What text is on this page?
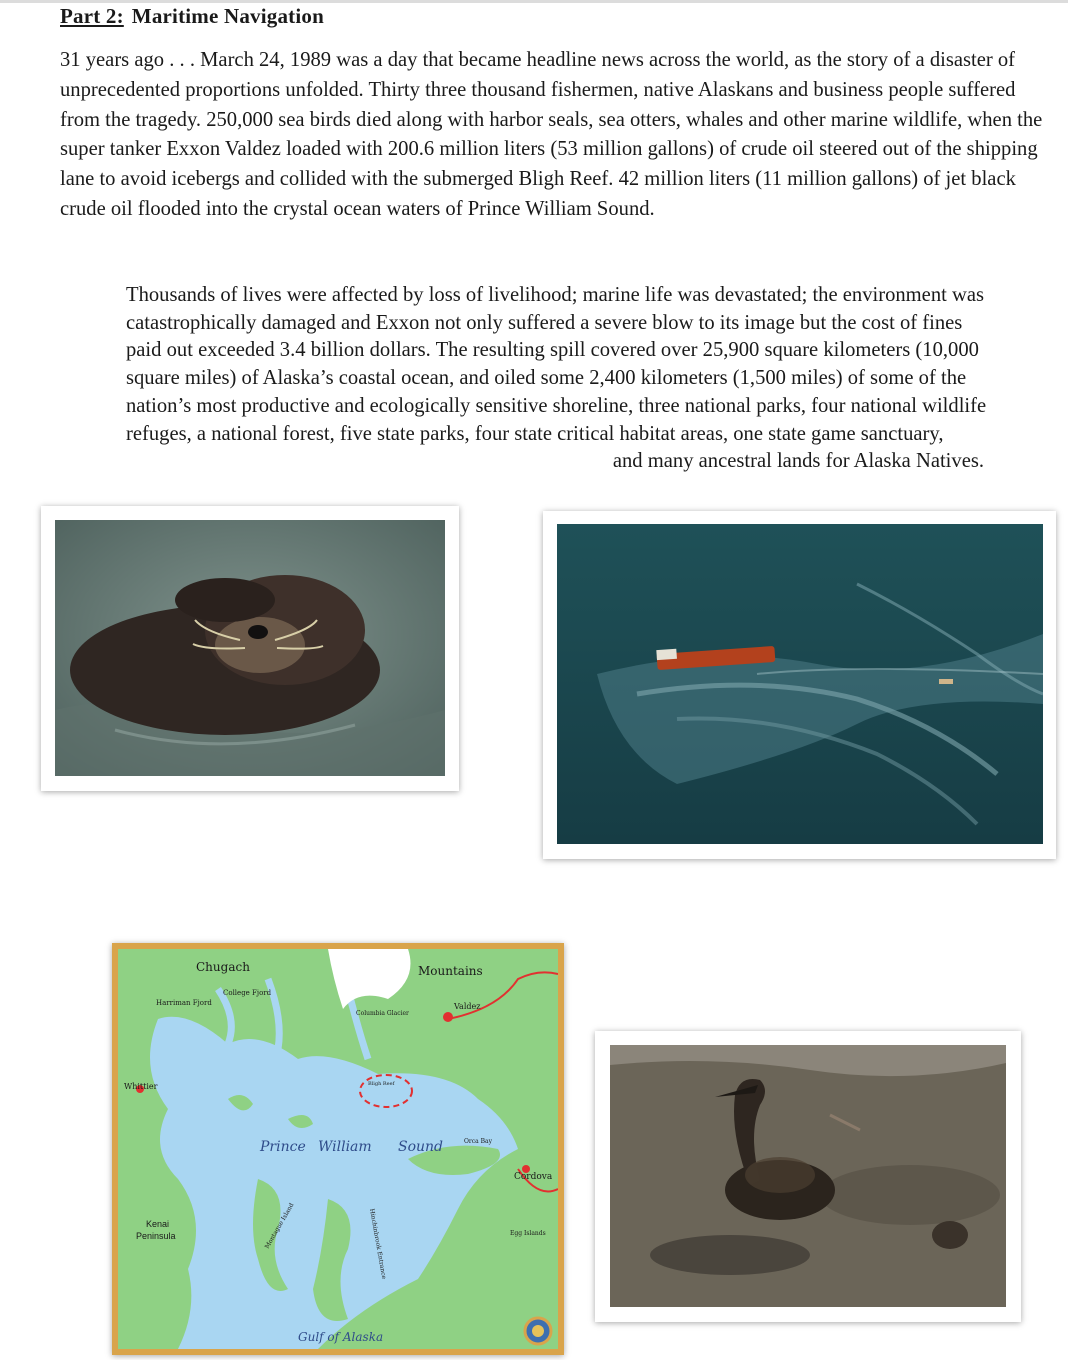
Part 2: Maritime Navigation
31 years ago . . . March 24, 1989 was a day that became headline news across the world, as the story of a disaster of unprecedented proportions unfolded. Thirty three thousand fishermen, native Alaskans and business people suffered from the tragedy. 250,000 sea birds died along with harbor seals, sea otters, whales and other marine wildlife, when the super tanker Exxon Valdez loaded with 200.6 million liters (53 million gallons) of crude oil steered out of the shipping lane to avoid icebergs and collided with the submerged Bligh Reef. 42 million liters (11 million gallons) of jet black crude oil flooded into the crystal ocean waters of Prince William Sound.
Thousands of lives were affected by loss of livelihood; marine life was devastated; the environment was catastrophically damaged and Exxon not only suffered a severe blow to its image but the cost of fines paid out exceeded 3.4 billion dollars. The resulting spill covered over 25,900 square kilometers (10,000 square miles) of Alaska’s coastal ocean, and oiled some 2,400 kilometers (1,500 miles) of some of the nation’s most productive and ecologically sensitive shoreline, three national parks, four national wildlife refuges, a national forest, five state parks, four state critical habitat areas, one state game sanctuary,
and many ancestral lands for Alaska Natives.
Chugach	Mountains
College Fjord
Harriman Fjord	Valdez
Columbia Glacier
Whittier	Bligh Reef
Prince William Sound	Orca Bay
Cordova
Egg Islands
Kenai
Peninsula	Montague Island	Hinchinbrook Entrance
Gulf of Alaska
